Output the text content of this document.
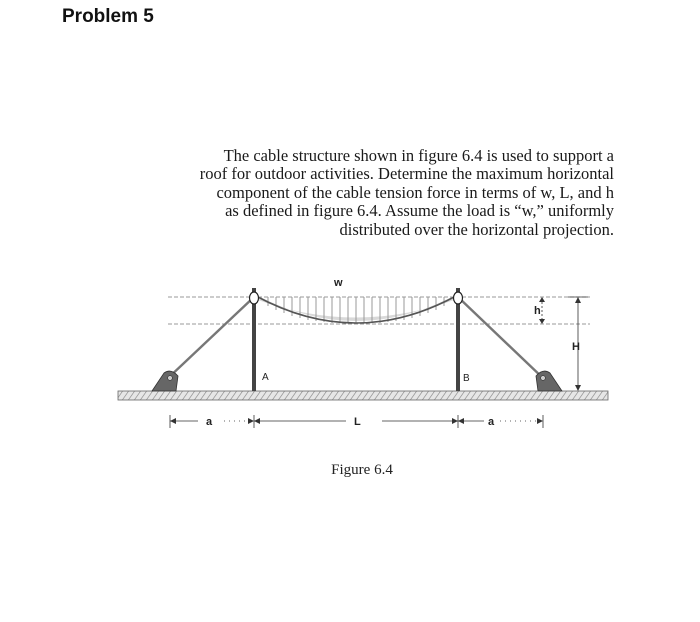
Problem 5
The cable structure shown in figure 6.4 is used to support a
roof for outdoor activities. Determine the maximum horizontal
component of the cable tension force in terms of w, L, and h
as defined in figure 6.4. Assume the load is “w,” uniformly
distributed over the horizontal projection.
w
A	B
h
H
a	L	a
Figure 6.4
